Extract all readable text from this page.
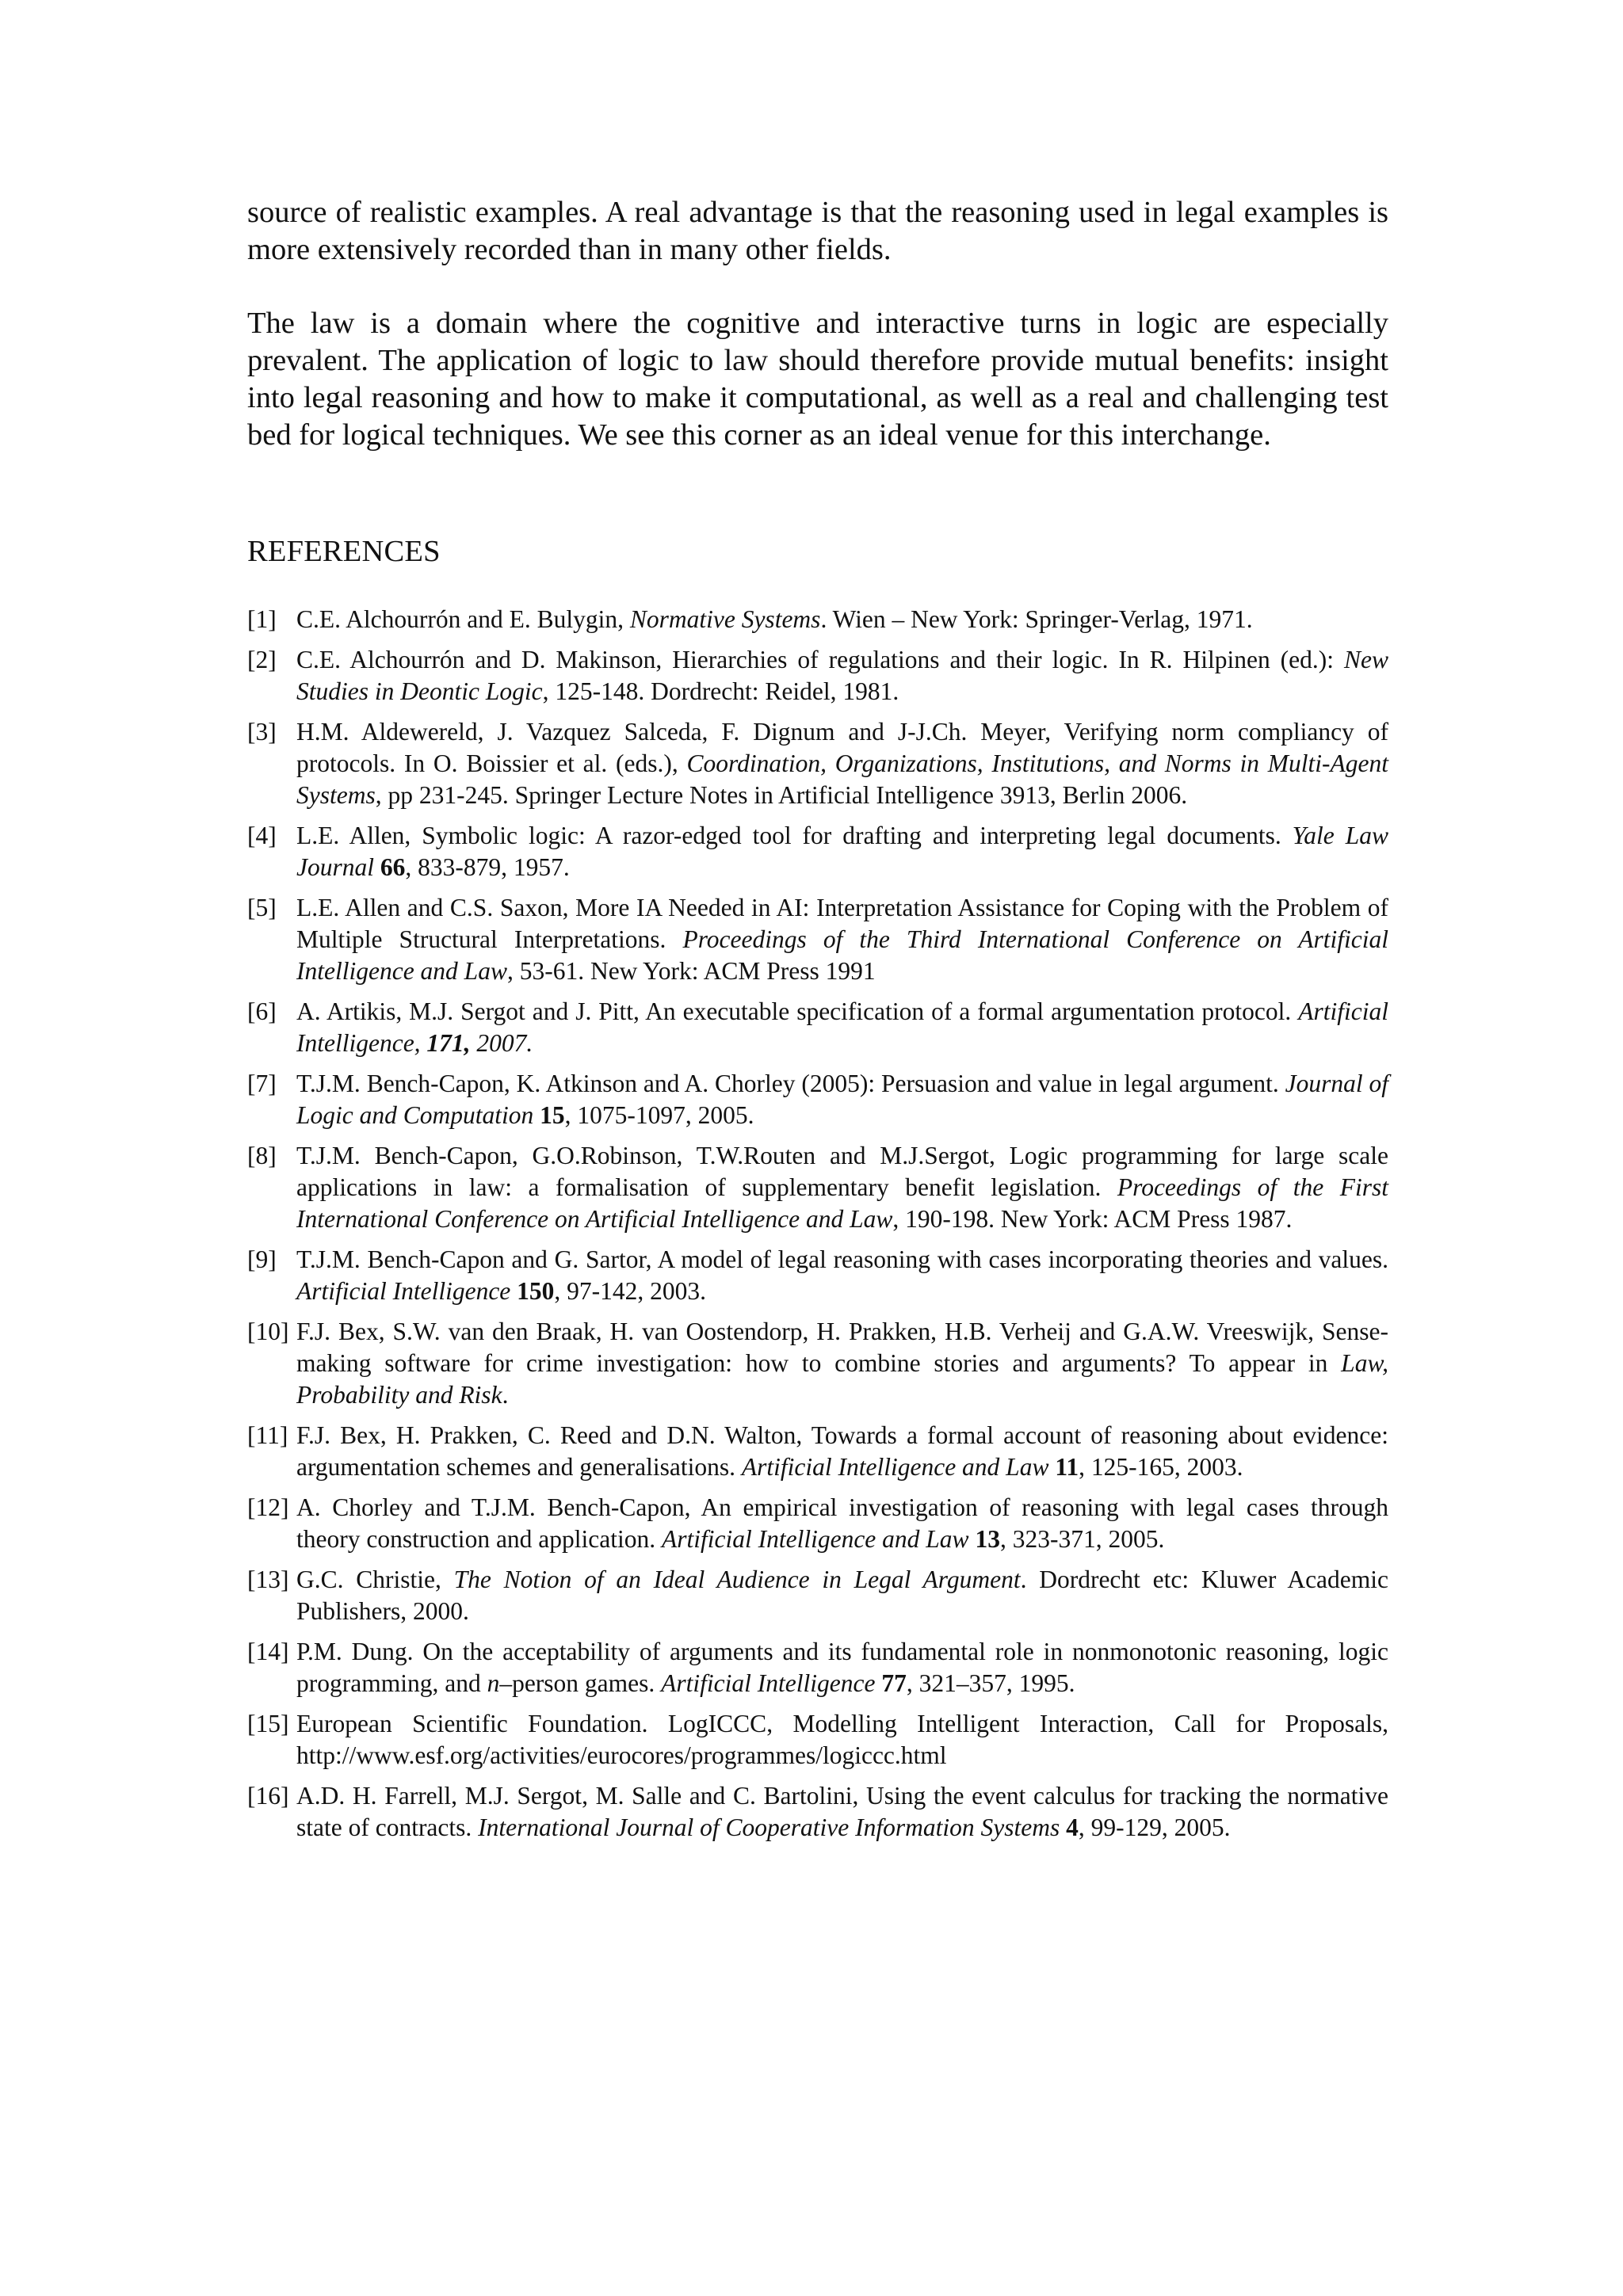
source of realistic examples. A real advantage is that the reasoning used in legal examples is more extensively recorded than in many other fields.

The law is a domain where the cognitive and interactive turns in logic are especially prevalent. The application of logic to law should therefore provide mutual benefits: insight into legal reasoning and how to make it computational, as well as a real and challenging test bed for logical techniques. We see this corner as an ideal venue for this interchange.

REFERENCES
[1] C.E. Alchourrón and E. Bulygin, Normative Systems. Wien – New York: Springer-Verlag, 1971.
[2] C.E. Alchourrón and D. Makinson, Hierarchies of regulations and their logic. In R. Hilpinen (ed.): New Studies in Deontic Logic, 125-148. Dordrecht: Reidel, 1981.
[3] H.M. Aldewereld, J. Vazquez Salceda, F. Dignum and J-J.Ch. Meyer, Verifying norm compliancy of protocols. In O. Boissier et al. (eds.), Coordination, Organizations, Institutions, and Norms in Multi-Agent Systems, pp 231-245. Springer Lecture Notes in Artificial Intelligence 3913, Berlin 2006.
[4] L.E. Allen, Symbolic logic: A razor-edged tool for drafting and interpreting legal documents. Yale Law Journal 66, 833-879, 1957.
[5] L.E. Allen and C.S. Saxon, More IA Needed in AI: Interpretation Assistance for Coping with the Problem of Multiple Structural Interpretations. Proceedings of the Third International Conference on Artificial Intelligence and Law, 53-61. New York: ACM Press 1991
[6] A. Artikis, M.J. Sergot and J. Pitt, An executable specification of a formal argumentation protocol. Artificial Intelligence, 171, 2007.
[7] T.J.M. Bench-Capon, K. Atkinson and A. Chorley (2005): Persuasion and value in legal argument. Journal of Logic and Computation 15, 1075-1097, 2005.
[8] T.J.M. Bench-Capon, G.O.Robinson, T.W.Routen and M.J.Sergot, Logic programming for large scale applications in law: a formalisation of supplementary benefit legislation. Proceedings of the First International Conference on Artificial Intelligence and Law, 190-198. New York: ACM Press 1987.
[9] T.J.M. Bench-Capon and G. Sartor, A model of legal reasoning with cases incorporating theories and values. Artificial Intelligence 150, 97-142, 2003.
[10] F.J. Bex, S.W. van den Braak, H. van Oostendorp, H. Prakken, H.B. Verheij and G.A.W. Vreeswijk, Sense-making software for crime investigation: how to combine stories and arguments? To appear in Law, Probability and Risk.
[11] F.J. Bex, H. Prakken, C. Reed and D.N. Walton, Towards a formal account of reasoning about evidence: argumentation schemes and generalisations. Artificial Intelligence and Law 11, 125-165, 2003.
[12] A. Chorley and T.J.M. Bench-Capon, An empirical investigation of reasoning with legal cases through theory construction and application. Artificial Intelligence and Law 13, 323-371, 2005.
[13] G.C. Christie, The Notion of an Ideal Audience in Legal Argument. Dordrecht etc: Kluwer Academic Publishers, 2000.
[14] P.M. Dung. On the acceptability of arguments and its fundamental role in nonmonotonic reasoning, logic programming, and n–person games. Artificial Intelligence 77, 321–357, 1995.
[15] European Scientific Foundation. LogICCC, Modelling Intelligent Interaction, Call for Proposals, http://www.esf.org/activities/eurocores/programmes/logiccc.html
[16] A.D. H. Farrell, M.J. Sergot, M. Salle and C. Bartolini, Using the event calculus for tracking the normative state of contracts. International Journal of Cooperative Information Systems 4, 99-129, 2005.
